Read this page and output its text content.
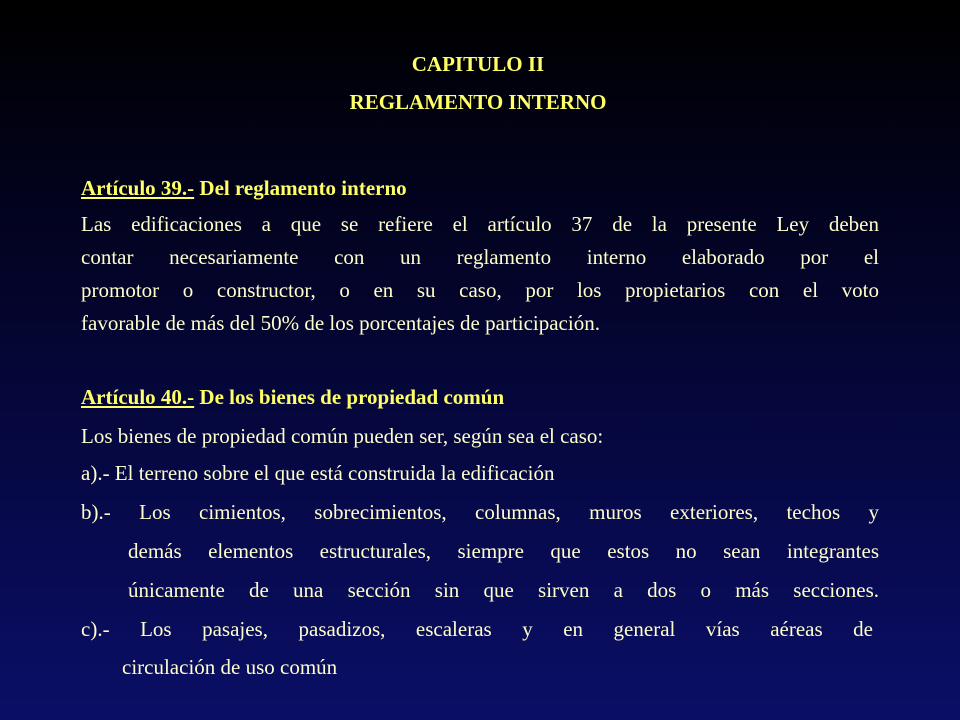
CAPITULO II
REGLAMENTO INTERNO
Artículo 39.- Del reglamento interno
Las edificaciones a que se refiere el artículo 37 de la presente Ley deben
contar necesariamente con un reglamento interno elaborado por el
promotor o constructor, o en su caso, por los propietarios con el voto
favorable de más del 50% de los porcentajes de participación.
Artículo 40.- De los bienes de propiedad común
Los bienes de propiedad común pueden ser, según sea el caso:
a).- El terreno sobre el que está construida la edificación
b).- Los cimientos, sobrecimientos, columnas, muros exteriores, techos y
demás elementos estructurales, siempre que estos no sean integrantes
únicamente de una sección sin que sirven a dos o más secciones.
c).- Los pasajes, pasadizos, escaleras y en general vías aéreas de
circulación de uso común
